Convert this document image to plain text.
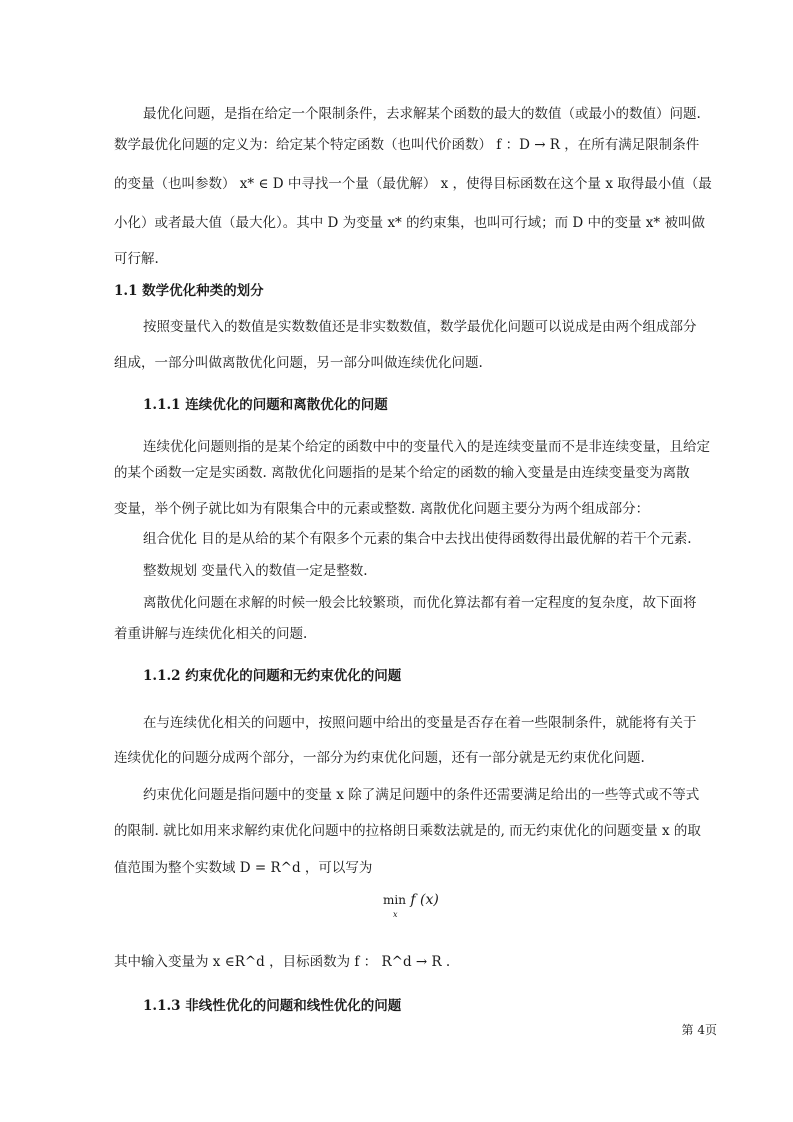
最优化问题，是指在给定一个限制条件，去求解某个函数的最大的数值（或最小的数值）问题.
数学最优化问题的定义为：给定某个特定函数（也叫代价函数） f ：D → R ，在所有满足限制条件
的变量（也叫参数） x* ∈ D 中寻找一个量（最优解） x ，使得目标函数在这个量 x 取得最小值（最
小化）或者最大值（最大化）。其中 D 为变量 x* 的约束集，也叫可行域；而 D 中的变量 x* 被叫做
可行解.
1.1 数学优化种类的划分
按照变量代入的数值是实数数值还是非实数数值，数学最优化问题可以说成是由两个组成部分
组成，一部分叫做离散优化问题，另一部分叫做连续优化问题.
1.1.1 连续优化的问题和离散优化的问题
连续优化问题则指的是某个给定的函数中中的变量代入的是连续变量而不是非连续变量，且给定
的某个函数一定是实函数. 离散优化问题指的是某个给定的函数的输入变量是由连续变量变为离散
变量，举个例子就比如为有限集合中的元素或整数. 离散优化问题主要分为两个组成部分：
组合优化 目的是从给的某个有限多个元素的集合中去找出使得函数得出最优解的若干个元素.
整数规划 变量代入的数值一定是整数.
离散优化问题在求解的时候一般会比较繁琐，而优化算法都有着一定程度的复杂度，故下面将
着重讲解与连续优化相关的问题.
1.1.2 约束优化的问题和无约束优化的问题
在与连续优化相关的问题中，按照问题中给出的变量是否存在着一些限制条件，就能将有关于
连续优化的问题分成两个部分，一部分为约束优化问题，还有一部分就是无约束优化问题.
约束优化问题是指问题中的变量 x 除了满足问题中的条件还需要满足给出的一些等式或不等式
的限制. 就比如用来求解约束优化问题中的拉格朗日乘数法就是的, 而无约束优化的问题变量 x 的取
值范围为整个实数域 D = R^d ，可以写为
min
x
f (x)
其中输入变量为 x ∈R^d ，目标函数为 f ： R^d → R .
1.1.3 非线性优化的问题和线性优化的问题
第 4页
